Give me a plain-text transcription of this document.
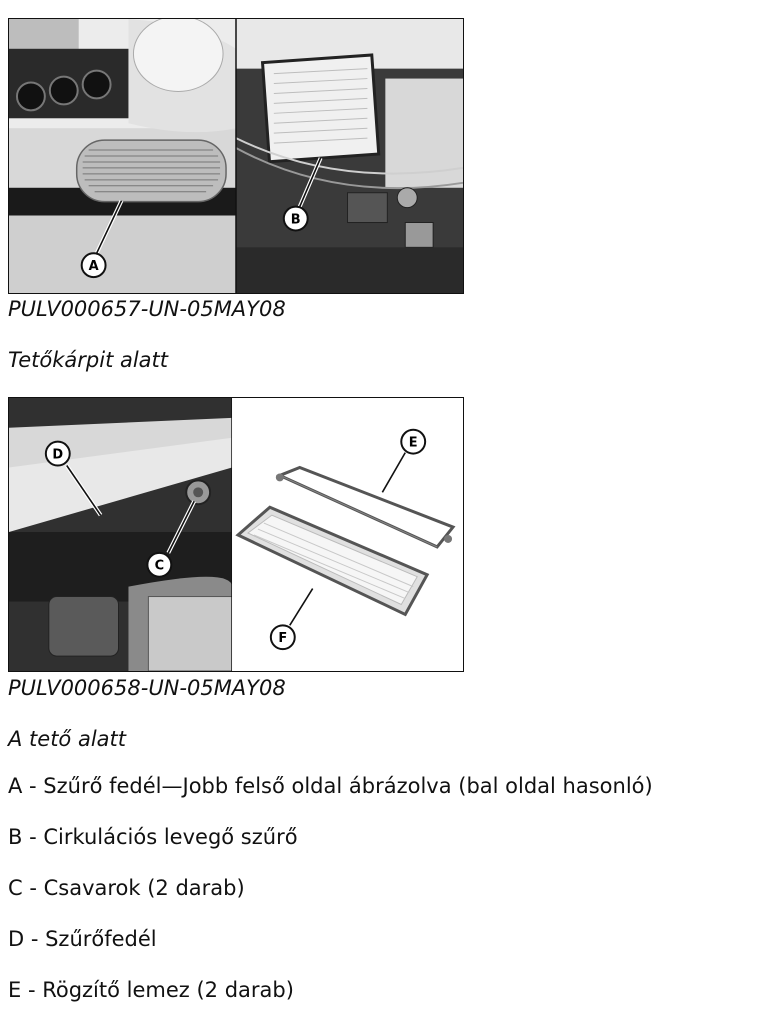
A
B
PULV000657-UN-05MAY08
Tetőkárpit alatt
D
C
E
F
PULV000658-UN-05MAY08
A tető alatt
A - Szűrő fedél—Jobb felső oldal ábrázolva (bal oldal hasonló)
B - Cirkulációs levegő szűrő
C - Csavarok (2 darab)
D - Szűrőfedél
E - Rögzítő lemez (2 darab)
